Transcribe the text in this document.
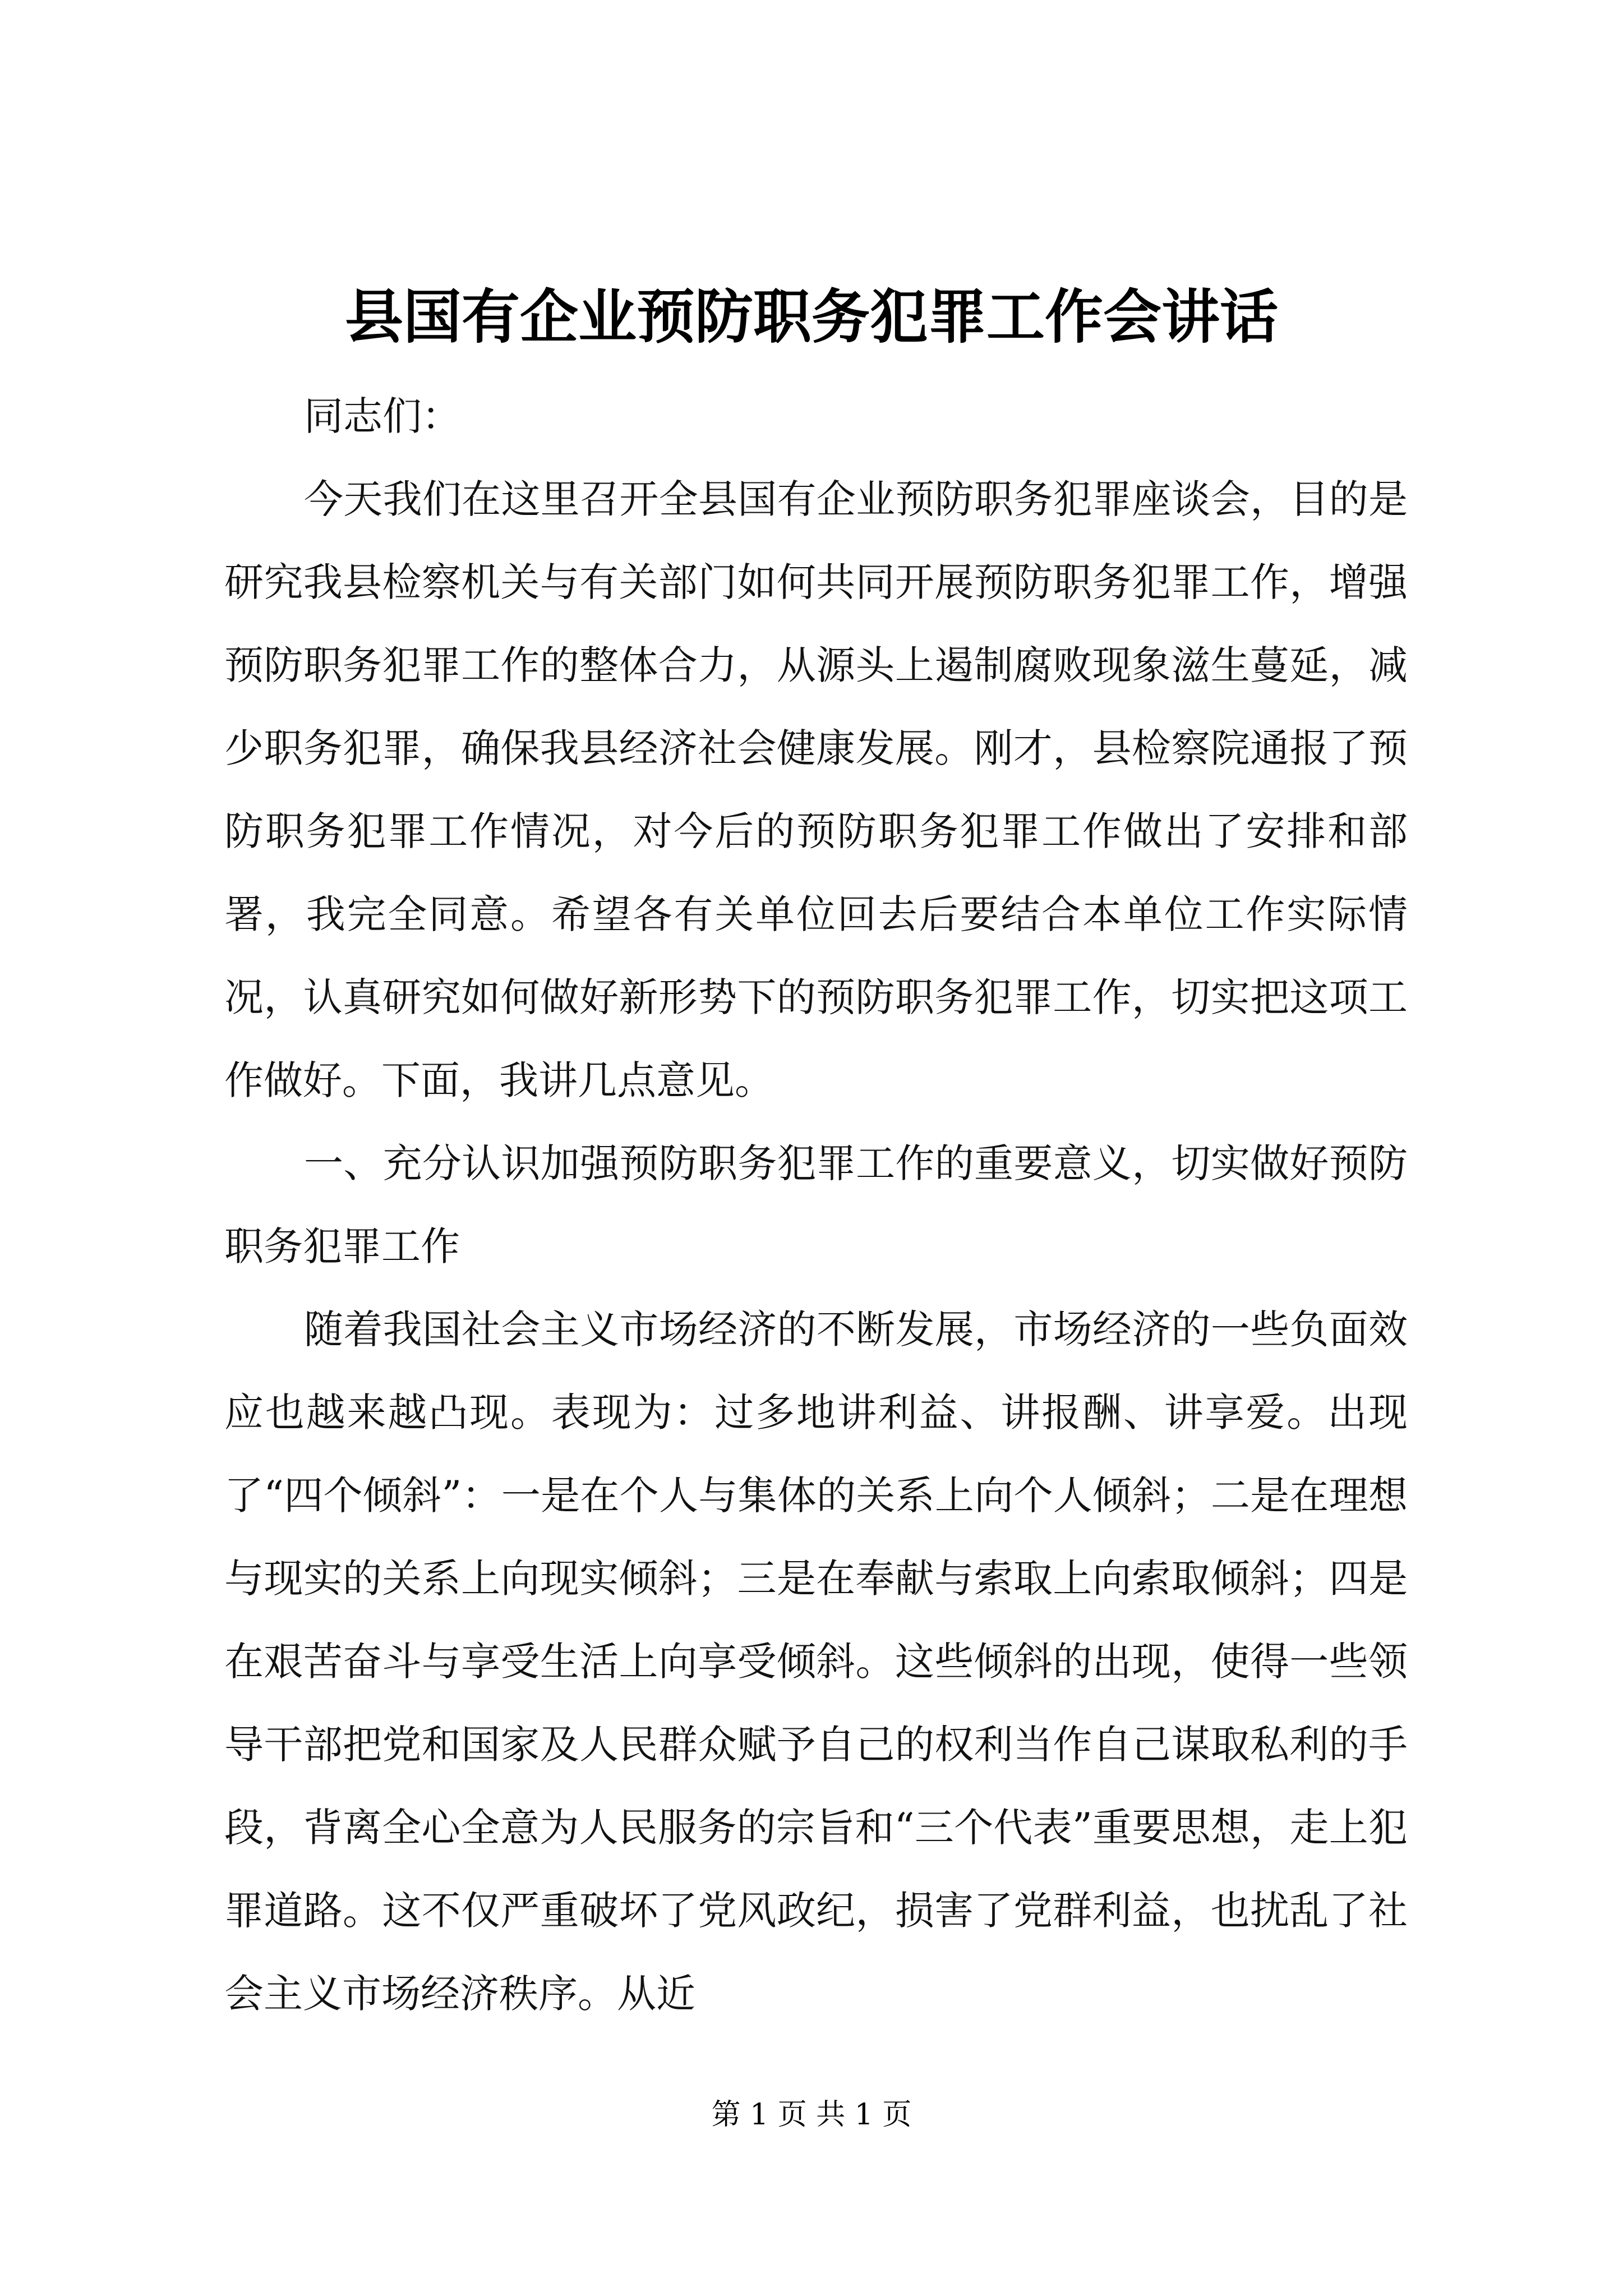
县国有企业预防职务犯罪工作会讲话

同志们：

今天我们在这里召开全县国有企业预防职务犯罪座谈会，目的是研究我县检察机关与有关部门如何共同开展预防职务犯罪工作，增强预防职务犯罪工作的整体合力，从源头上遏制腐败现象滋生蔓延，减少职务犯罪，确保我县经济社会健康发展。刚才，县检察院通报了预防职务犯罪工作情况，对今后的预防职务犯罪工作做出了安排和部署，我完全同意。希望各有关单位回去后要结合本单位工作实际情况，认真研究如何做好新形势下的预防职务犯罪工作，切实把这项工作做好。下面，我讲几点意见。

一、充分认识加强预防职务犯罪工作的重要意义，切实做好预防职务犯罪工作

随着我国社会主义市场经济的不断发展，市场经济的一些负面效应也越来越凸现。表现为：过多地讲利益、讲报酬、讲享爱。出现了“四个倾斜”：一是在个人与集体的关系上向个人倾斜；二是在理想与现实的关系上向现实倾斜；三是在奉献与索取上向索取倾斜；四是在艰苦奋斗与享受生活上向享受倾斜。这些倾斜的出现，使得一些领导干部把党和国家及人民群众赋予自己的权利当作自己谋取私利的手段，背离全心全意为人民服务的宗旨和“三个代表”重要思想，走上犯罪道路。这不仅严重破坏了党风政纪，损害了党群利益，也扰乱了社会主义市场经济秩序。从近

第 1 页 共 1 页
